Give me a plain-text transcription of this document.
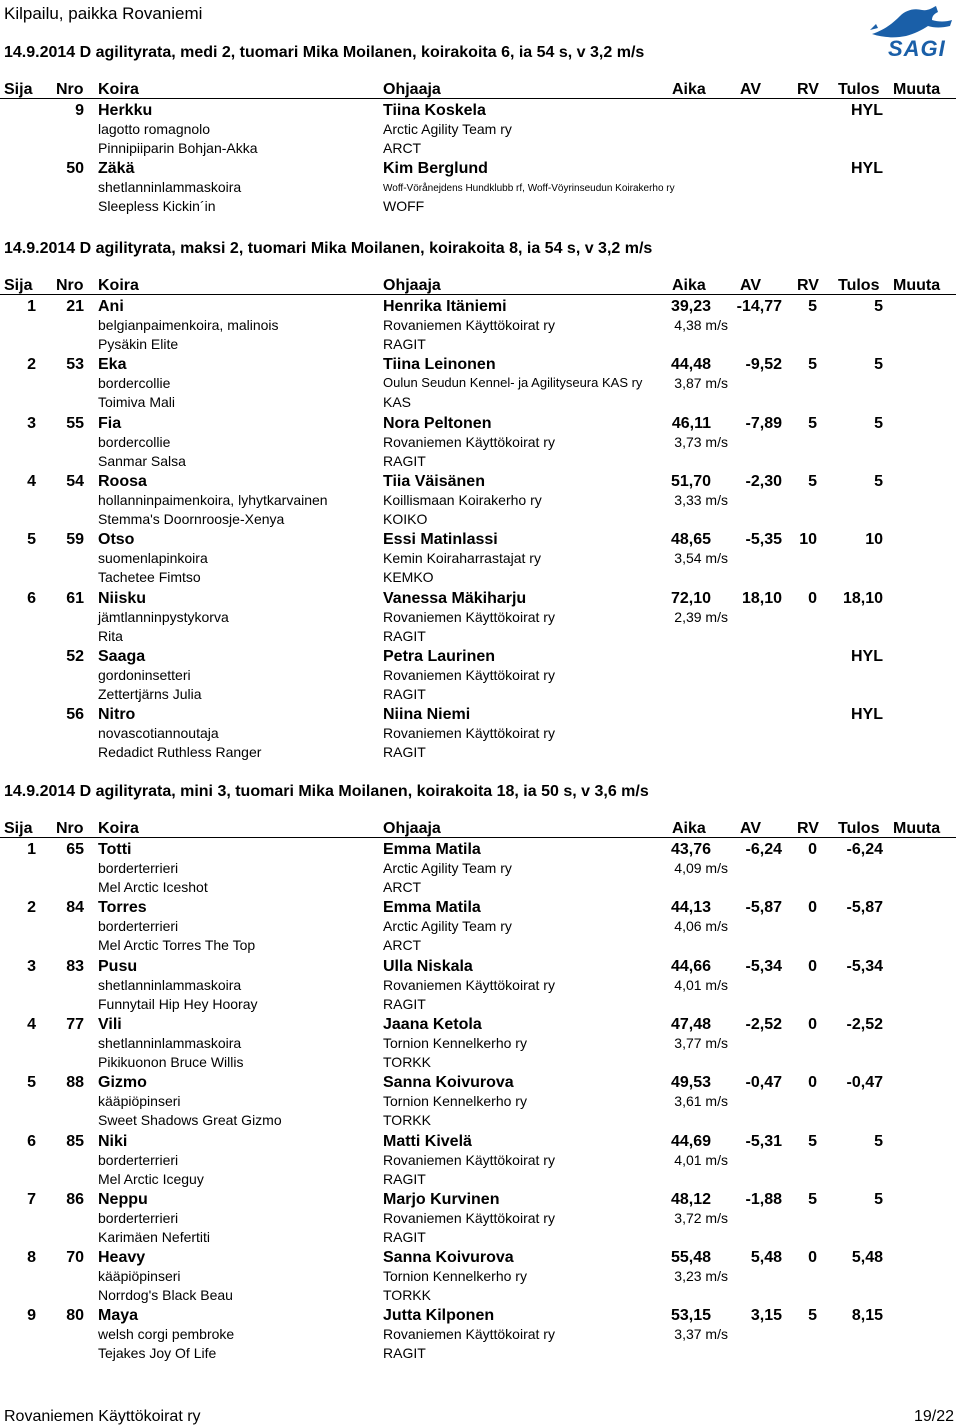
Kilpailu, paikka Rovaniemi
SAGI
14.9.2014 D agilityrata, medi 2, tuomari Mika Moilanen, koirakoita 6, ia 54 s, v 3,2 m/s
Sija Nro Koira	Ohjaaja	Aika AV RV Tulos Muuta
9 Herkku	Tiina Koskela	HYL
lagotto romagnolo	Arctic Agility Team ry
Pinnipiiparin Bohjan-Akka	ARCT
50 Zäkä	Kim Berglund	HYL
shetlanninlammaskoira	Woff-Vörånejdens Hundklubb rf, Woff-Vöyrinseudun Koirakerho ry
Sleepless Kickin´in	WOFF
14.9.2014 D agilityrata, maksi 2, tuomari Mika Moilanen, koirakoita 8, ia 54 s, v 3,2 m/s
Sija Nro Koira	Ohjaaja	Aika AV RV Tulos Muuta
1 21 Ani	Henrika Itäniemi	39,23 -14,77 5	5
belgianpaimenkoira, malinois	Rovaniemen Käyttökoirat ry	4,38 m/s
Pysäkin Elite	RAGIT
2 53 Eka	Tiina Leinonen	44,48 -9,52 5	5
bordercollie	Oulun Seudun Kennel- ja Agilityseura KAS ry 3,87 m/s
Toimiva Mali	KAS
3 55 Fia	Nora Peltonen	46,11 -7,89 5	5
bordercollie	Rovaniemen Käyttökoirat ry	3,73 m/s
Sanmar Salsa	RAGIT
4 54 Roosa	Tiia Väisänen	51,70 -2,30 5	5
hollanninpaimenkoira, lyhytkarvainen	Koillismaan Koirakerho ry	3,33 m/s
Stemma's Doornroosje-Xenya	KOIKO
5 59 Otso	Essi Matinlassi	48,65 -5,35 10	10
suomenlapinkoira	Kemin Koiraharrastajat ry	3,54 m/s
Tachetee Fimtso	KEMKO
6 61 Niisku	Vanessa Mäkiharju	72,10 18,10 0 18,10
jämtlanninpystykorva	Rovaniemen Käyttökoirat ry	2,39 m/s
Rita	RAGIT
52 Saaga	Petra Laurinen	HYL
gordoninsetteri	Rovaniemen Käyttökoirat ry
Zettertjärns Julia	RAGIT
56 Nitro	Niina Niemi	HYL
novascotiannoutaja	Rovaniemen Käyttökoirat ry
Redadict Ruthless Ranger	RAGIT
14.9.2014 D agilityrata, mini 3, tuomari Mika Moilanen, koirakoita 18, ia 50 s, v 3,6 m/s
Sija Nro Koira	Ohjaaja	Aika AV RV Tulos Muuta
1 65 Totti	Emma Matila	43,76 -6,24 0 -6,24
borderterrieri	Arctic Agility Team ry	4,09 m/s
Mel Arctic Iceshot	ARCT
2 84 Torres	Emma Matila	44,13 -5,87 0 -5,87
borderterrieri	Arctic Agility Team ry	4,06 m/s
Mel Arctic Torres The Top	ARCT
3 83 Pusu	Ulla Niskala	44,66 -5,34 0 -5,34
shetlanninlammaskoira	Rovaniemen Käyttökoirat ry	4,01 m/s
Funnytail Hip Hey Hooray	RAGIT
4 77 Vili	Jaana Ketola	47,48 -2,52 0 -2,52
shetlanninlammaskoira	Tornion Kennelkerho ry	3,77 m/s
Pikikuonon Bruce Willis	TORKK
5 88 Gizmo	Sanna Koivurova	49,53 -0,47 0 -0,47
kääpiöpinseri	Tornion Kennelkerho ry	3,61 m/s
Sweet Shadows Great Gizmo	TORKK
6 85 Niki	Matti Kivelä	44,69 -5,31 5	5
borderterrieri	Rovaniemen Käyttökoirat ry	4,01 m/s
Mel Arctic Iceguy	RAGIT
7 86 Neppu	Marjo Kurvinen	48,12 -1,88 5	5
borderterrieri	Rovaniemen Käyttökoirat ry	3,72 m/s
Karimäen Nefertiti	RAGIT
8 70 Heavy	Sanna Koivurova	55,48 5,48 0 5,48
kääpiöpinseri	Tornion Kennelkerho ry	3,23 m/s
Norrdog's Black Beau	TORKK
9 80 Maya	Jutta Kilponen	53,15 3,15 5 8,15
welsh corgi pembroke	Rovaniemen Käyttökoirat ry	3,37 m/s
Tejakes Joy Of Life	RAGIT
Rovaniemen Käyttökoirat ry	19/22
